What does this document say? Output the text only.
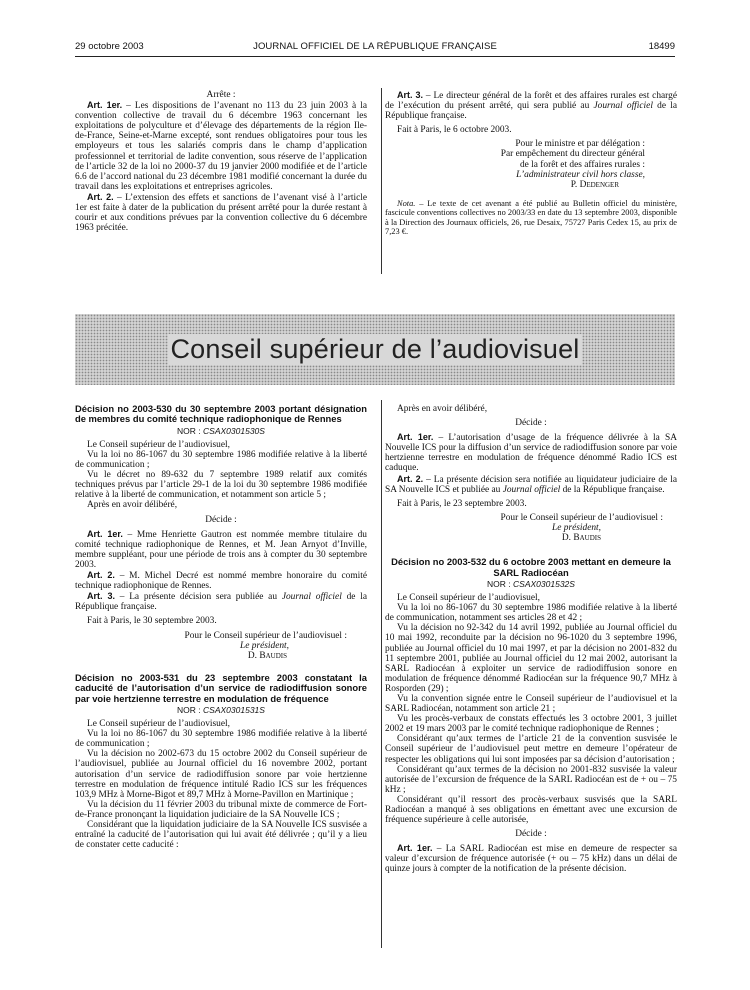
29 octobre 2003	JOURNAL OFFICIEL DE LA RÉPUBLIQUE FRANÇAISE	18499

Arrête :

Art. 1er. – Les dispositions de l’avenant no 113 du 23 juin 2003 à la convention collective de travail du 6 décembre 1963 concernant les exploitations de polyculture et d’élevage des départements de la région Ile-de-France, Seine-et-Marne excepté, sont rendues obligatoires pour tous les employeurs et tous les salariés compris dans le champ d’application professionnel et territorial de ladite convention, sous réserve de l’application de l’article 32 de la loi no 2000-37 du 19 janvier 2000 modifiée et de l’article 6.6 de l’accord national du 23 décembre 1981 modifié concernant la durée du travail dans les exploitations et entreprises agricoles.

Art. 2. – L’extension des effets et sanctions de l’avenant visé à l’article 1er est faite à dater de la publication du présent arrêté pour la durée restant à courir et aux conditions prévues par la convention collective du 6 décembre 1963 précitée.

Art. 3. – Le directeur général de la forêt et des affaires rurales est chargé de l’exécution du présent arrêté, qui sera publié au Journal officiel de la République française.

Fait à Paris, le 6 octobre 2003.

Pour le ministre et par délégation :

Par empêchement du directeur général

de la forêt et des affaires rurales :

L’administrateur civil hors classe,

P. Dedenger

Nota. – Le texte de cet avenant a été publié au Bulletin officiel du ministère, fascicule conventions collectives no 2003/33 en date du 13 septembre 2003, disponible à la Direction des Journaux officiels, 26, rue Desaix, 75727 Paris Cedex 15, au prix de 7,23 €.

Conseil supérieur de l’audiovisuel
Décision no 2003-530 du 30 septembre 2003 portant désignation de membres du comité technique radiophonique de Rennes
NOR : CSAX0301530S

Le Conseil supérieur de l’audiovisuel,

Vu la loi no 86-1067 du 30 septembre 1986 modifiée relative à la liberté de communication ;

Vu le décret no 89-632 du 7 septembre 1989 relatif aux comités techniques prévus par l’article 29-1 de la loi du 30 septembre 1986 modifiée relative à la liberté de communication, et notamment son article 5 ;

Après en avoir délibéré,

Décide :

Art. 1er. – Mme Henriette Gautron est nommée membre titulaire du comité technique radiophonique de Rennes, et M. Jean Arnyot d’Inville, membre suppléant, pour une période de trois ans à compter du 30 septembre 2003.

Art. 2. – M. Michel Decré est nommé membre honoraire du comité technique radiophonique de Rennes.

Art. 3. – La présente décision sera publiée au Journal officiel de la République française.

Fait à Paris, le 30 septembre 2003.

Pour le Conseil supérieur de l’audiovisuel :

Le président,

D. Baudis

Décision no 2003-531 du 23 septembre 2003 constatant la caducité de l’autorisation d’un service de radiodiffusion sonore par voie hertzienne terrestre en modulation de fréquence
NOR : CSAX0301531S

Le Conseil supérieur de l’audiovisuel,

Vu la loi no 86-1067 du 30 septembre 1986 modifiée relative à la liberté de communication ;

Vu la décision no 2002-673 du 15 octobre 2002 du Conseil supérieur de l’audiovisuel, publiée au Journal officiel du 16 novembre 2002, portant autorisation d’un service de radiodiffusion sonore par voie hertzienne terrestre en modulation de fréquence intitulé Radio ICS sur les fréquences 103,9 MHz à Morne-Bigot et 89,7 MHz à Morne-Pavillon en Martinique ;

Vu la décision du 11 février 2003 du tribunal mixte de commerce de Fort-de-France prononçant la liquidation judiciaire de la SA Nouvelle ICS ;

Considérant que la liquidation judiciaire de la SA Nouvelle ICS susvisée a entraîné la caducité de l’autorisation qui lui avait été délivrée ; qu’il y a lieu de constater cette caducité :

Après en avoir délibéré,

Décide :

Art. 1er. – L’autorisation d’usage de la fréquence délivrée à la SA Nouvelle ICS pour la diffusion d’un service de radiodiffusion sonore par voie hertzienne terrestre en modulation de fréquence dénommé Radio ICS est caduque.

Art. 2. – La présente décision sera notifiée au liquidateur judiciaire de la SA Nouvelle ICS et publiée au Journal officiel de la République française.

Fait à Paris, le 23 septembre 2003.

Pour le Conseil supérieur de l’audiovisuel :

Le président,

D. Baudis

Décision no 2003-532 du 6 octobre 2003 mettant en demeure la SARL Radiocéan
NOR : CSAX0301532S

Le Conseil supérieur de l’audiovisuel,

Vu la loi no 86-1067 du 30 septembre 1986 modifiée relative à la liberté de communication, notamment ses articles 28 et 42 ;

Vu la décision no 92-342 du 14 avril 1992, publiée au Journal officiel du 10 mai 1992, reconduite par la décision no 96-1020 du 3 septembre 1996, publiée au Journal officiel du 10 mai 1997, et par la décision no 2001-832 du 11 septembre 2001, publiée au Journal officiel du 12 mai 2002, autorisant la SARL Radiocéan à exploiter un service de radiodiffusion sonore en modulation de fréquence dénommé Radiocéan sur la fréquence 90,7 MHz à Rosporden (29) ;

Vu la convention signée entre le Conseil supérieur de l’audiovisuel et la SARL Radiocéan, notamment son article 21 ;

Vu les procès-verbaux de constats effectués les 3 octobre 2001, 3 juillet 2002 et 19 mars 2003 par le comité technique radiophonique de Rennes ;

Considérant qu’aux termes de l’article 21 de la convention susvisée le Conseil supérieur de l’audiovisuel peut mettre en demeure l’opérateur de respecter les obligations qui lui sont imposées par sa décision d’autorisation ;

Considérant qu’aux termes de la décision no 2001-832 susvisée la valeur autorisée de l’excursion de fréquence de la SARL Radiocéan est de + ou – 75 kHz ;

Considérant qu’il ressort des procès-verbaux susvisés que la SARL Radiocéan a manqué à ses obligations en émettant avec une excursion de fréquence supérieure à celle autorisée,

Décide :

Art. 1er. – La SARL Radiocéan est mise en demeure de respecter sa valeur d’excursion de fréquence autorisée (+ ou – 75 kHz) dans un délai de quinze jours à compter de la notification de la présente décision.
